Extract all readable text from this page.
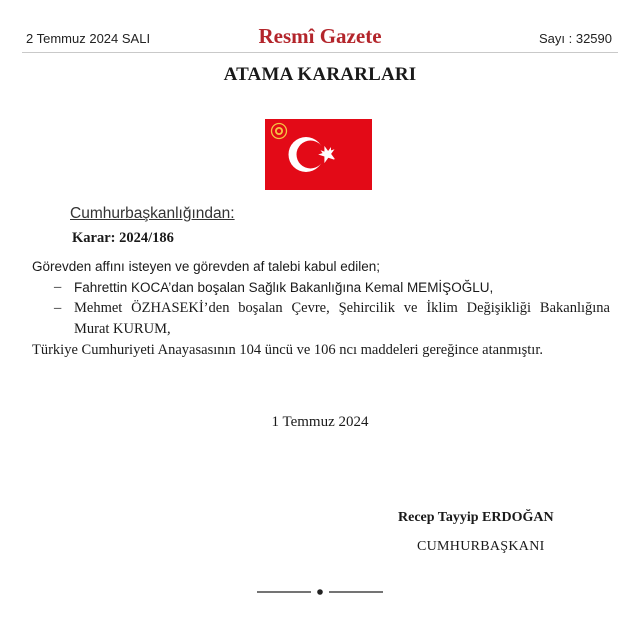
2 Temmuz 2024 SALI	Resmî Gazete	Sayı : 32590
ATAMA KARARLARI
Cumhurbaşkanlığından:
Karar: 2024/186
Görevden affını isteyen ve görevden af talebi kabul edilen;
– Fahrettin KOCA’dan boşalan Sağlık Bakanlığına Kemal MEMİŞOĞLU,
– Mehmet ÖZHASEKİ’den boşalan Çevre, Şehircilik ve İklim Değişikliği Bakanlığına
Murat KURUM,
Türkiye Cumhuriyeti Anayasasının 104 üncü ve 106 ncı maddeleri gereğince atanmıştır.
1 Temmuz 2024
Recep Tayyip ERDOĞAN
CUMHURBAŞKANI
